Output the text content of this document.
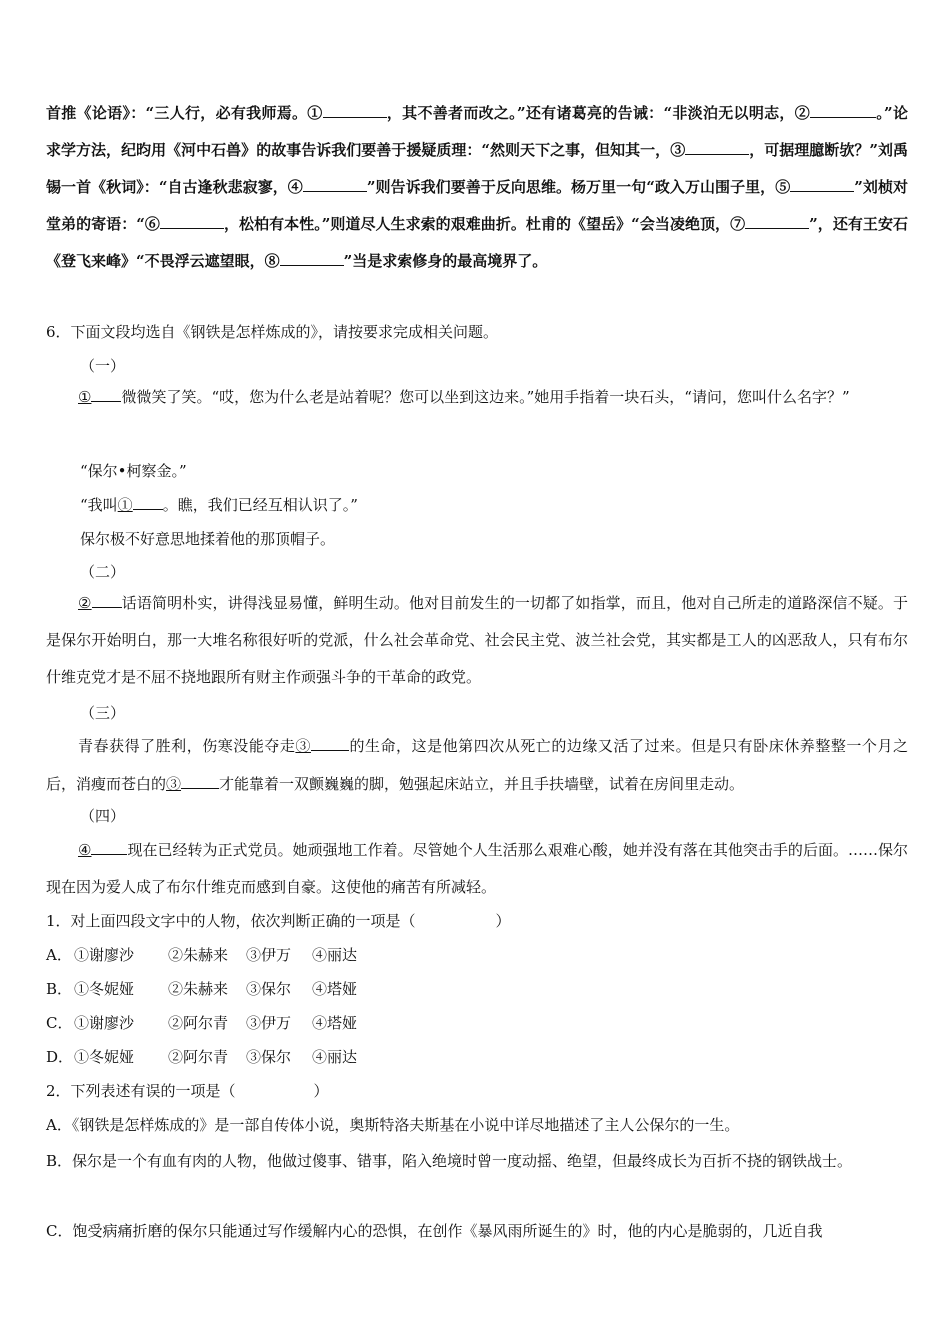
首推《论语》：“三人行，必有我师焉。①	，其不善者而改之。”还有诸葛亮的告诫：“非淡泊无以明志，②	。”论求学方法，纪昀用《河中石兽》的故事告诉我们要善于援疑质理：“然则天下之事，但知其一，③	，可据理臆断欤？”刘禹锡一首《秋词》：“自古逢秋悲寂寥，④	”则告诉我们要善于反向思维。杨万里一句“政入万山围子里，⑤	”刘桢对堂弟的寄语：“⑥	，松柏有本性。”则道尽人生求索的艰难曲折。杜甫的《望岳》“会当凌绝顶，⑦	”，还有王安石《登飞来峰》“不畏浮云遮望眼，⑧	”当是求索修身的最高境界了。

6．下面文段均选自《钢铁是怎样炼成的》，请按要求完成相关问题。

（一）

① 微微笑了笑。“哎，您为什么老是站着呢？您可以坐到这边来。”她用手指着一块石头，“请问，您叫什么名字？”

“保尔•柯察金。”

“我叫① 。瞧，我们已经互相认识了。”

保尔极不好意思地揉着他的那顶帽子。

（二）

② 话语简明朴实，讲得浅显易懂，鲜明生动。他对目前发生的一切都了如指掌，而且，他对自己所走的道路深信不疑。于是保尔开始明白，那一大堆名称很好听的党派，什么社会革命党、社会民主党、波兰社会党，其实都是工人的凶恶敌人，只有布尔什维克党才是不屈不挠地跟所有财主作顽强斗争的干革命的政党。

（三）

青春获得了胜利，伤寒没能夺走③	的生命，这是他第四次从死亡的边缘又活了过来。但是只有卧床休养整整一个月之后，消瘦而苍白的③	才能靠着一双颤巍巍的脚，勉强起床站立，并且手扶墙壁，试着在房间里走动。

（四）

④ 现在已经转为正式党员。她顽强地工作着。尽管她个人生活那么艰难心酸，她并没有落在其他突击手的后面。……保尔现在因为爱人成了布尔什维克而感到自豪。这使他的痛苦有所减轻。

1．对上面四段文字中的人物，依次判断正确的一项是（	）

A． ①谢廖沙 ②朱赫来 ③伊万 ④丽达

B． ①冬妮娅 ②朱赫来 ③保尔 ④塔娅

C． ①谢廖沙 ②阿尔青 ③伊万 ④塔娅

D．①冬妮娅 ②阿尔青 ③保尔 ④丽达

2．下列表述有误的一项是（	）

A．《钢铁是怎样炼成的》是一部自传体小说，奥斯特洛夫斯基在小说中详尽地描述了主人公保尔的一生。

B．保尔是一个有血有肉的人物，他做过傻事、错事，陷入绝境时曾一度动摇、绝望，但最终成长为百折不挠的钢铁战士。

C．饱受病痛折磨的保尔只能通过写作缓解内心的恐惧，在创作《暴风雨所诞生的》时，他的内心是脆弱的，几近自我
